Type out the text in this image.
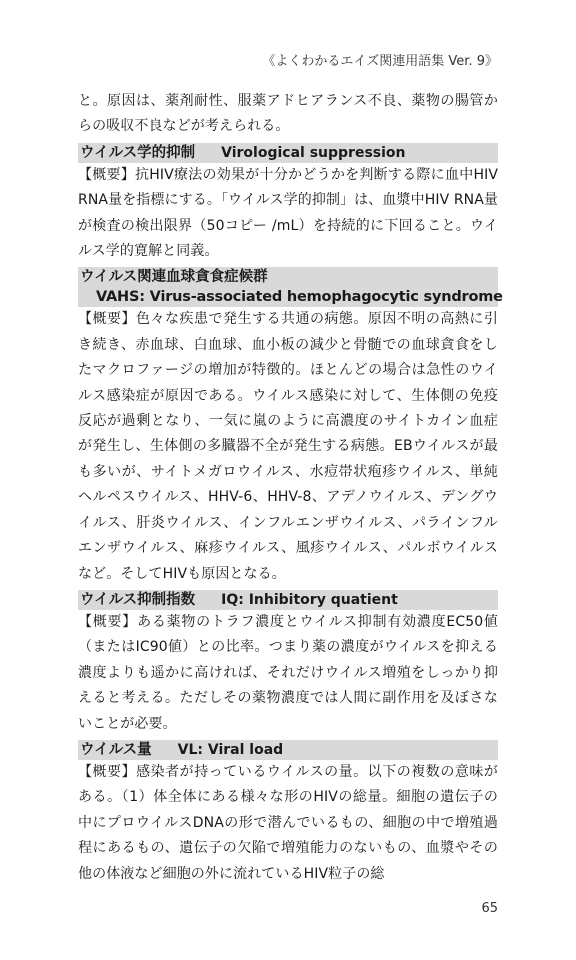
《よくわかるエイズ関連用語集 Ver. 9》

と。原因は、薬剤耐性、服薬アドヒアランス不良、薬物の腸管からの吸収不良などが考えられる。

ウイルス学的抑制 Virological suppression

【概要】抗HIV療法の効果が十分かどうかを判断する際に血中HIV RNA量を指標にする。「ウイルス学的抑制」は、血漿中HIV RNA量が検査の検出限界（50コピー /mL）を持続的に下回ること。ウイルス学的寛解と同義。

ウイルス関連血球貪食症候群
VAHS: Virus-associated hemophagocytic syndrome

【概要】色々な疾患で発生する共通の病態。原因不明の高熱に引き続き、赤血球、白血球、血小板の減少と骨髄での血球貪食をしたマクロファージの増加が特徴的。ほとんどの場合は急性のウイルス感染症が原因である。ウイルス感染に対して、生体側の免疫反応が過剰となり、一気に嵐のように高濃度のサイトカイン血症が発生し、生体側の多臓器不全が発生する病態。EBウイルスが最も多いが、サイトメガロウイルス、水痘帯状疱疹ウイルス、単純ヘルペスウイルス、HHV-6、HHV-8、アデノウイルス、デングウイルス、肝炎ウイルス、インフルエンザウイルス、パラインフルエンザウイルス、麻疹ウイルス、風疹ウイルス、パルボウイルスなど。そしてHIVも原因となる。

ウイルス抑制指数 IQ: Inhibitory quatient

【概要】ある薬物のトラフ濃度とウイルス抑制有効濃度EC50値（またはIC90値）との比率。つまり薬の濃度がウイルスを抑える濃度よりも遥かに高ければ、それだけウイルス増殖をしっかり抑えると考える。ただしその薬物濃度では人間に副作用を及ぼさないことが必要。

ウイルス量 VL: Viral load

【概要】感染者が持っているウイルスの量。以下の複数の意味がある。（1）体全体にある様々な形のHIVの総量。細胞の遺伝子の中にプロウイルスDNAの形で潜んでいるもの、細胞の中で増殖過程にあるもの、遺伝子の欠陥で増殖能力のないもの、血漿やその他の体液など細胞の外に流れているHIV粒子の総

65
